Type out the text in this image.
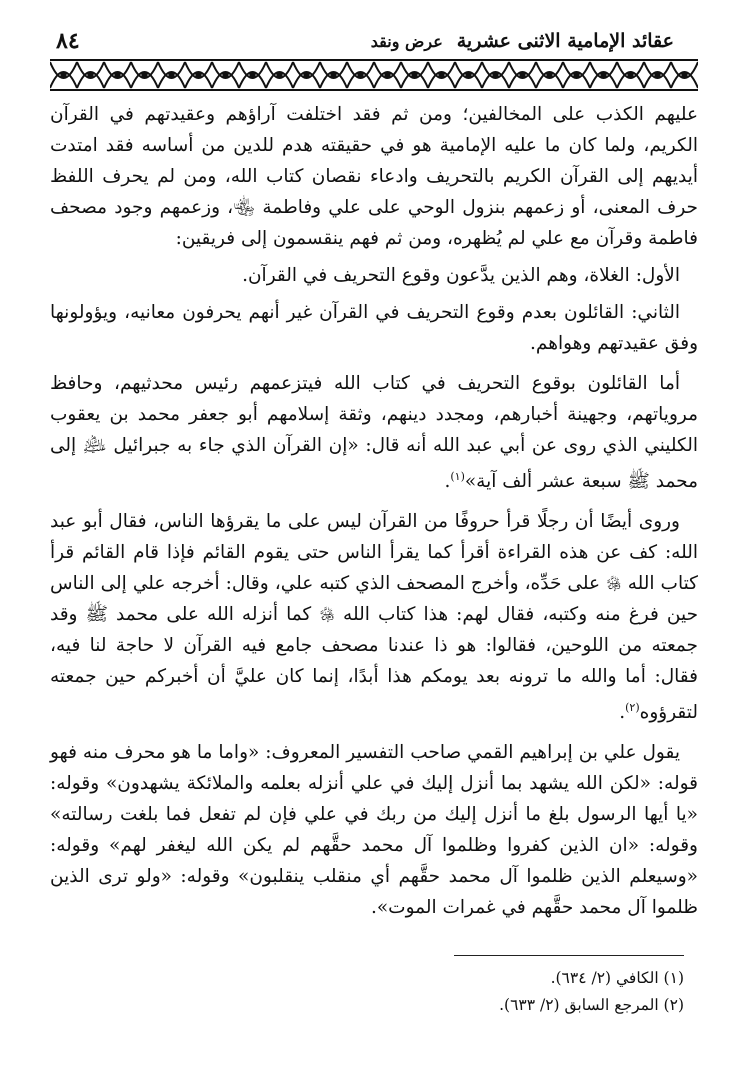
٨٤	عقائد الإمامية الاثنى عشرية
عرض ونقد

عليهم الكذب على المخالفين؛ ومن ثم فقد اختلفت آراؤهم وعقيدتهم في القرآن الكريم، ولما كان ما عليه الإمامية هو في حقيقته هدم للدين من أساسه فقد امتدت أيديهم إلى القرآن الكريم بالتحريف وادعاء نقصان كتاب الله، ومن لم يحرف اللفظ حرف المعنى، أو زعمهم بنزول الوحي على علي وفاطمة ﵄، وزعمهم وجود مصحف فاطمة وقرآن مع علي لم يُظهره، ومن ثم فهم ينقسمون إلى فريقين:

الأول: الغلاة، وهم الذين يدَّعون وقوع التحريف في القرآن.

الثاني: القائلون بعدم وقوع التحريف في القرآن غير أنهم يحرفون معانيه، ويؤولونها وفق عقيدتهم وهواهم.

أما القائلون بوقوع التحريف في كتاب الله فيتزعمهم رئيس محدثيهم، وحافظ مروياتهم، وجهينة أخبارهم، ومجدد دينهم، وثقة إسلامهم أبو جعفر محمد بن يعقوب الكليني الذي روى عن أبي عبد الله أنه قال: «إن القرآن الذي جاء به جبرائيل ﵇ إلى محمد ﷺ سبعة عشر ألف آية»$^{(١)}$.

وروى أيضًا أن رجلًا قرأ حروفًا من القرآن ليس على ما يقرؤها الناس، فقال أبو عبد الله: كف عن هذه القراءة أقرأ كما يقرأ الناس حتى يقوم القائم فإذا قام القائم قرأ كتاب الله ﷿ على حَدِّه، وأخرج المصحف الذي كتبه علي، وقال: أخرجه علي إلى الناس حين فرغ منه وكتبه، فقال لهم: هذا كتاب الله ﷿ كما أنزله الله على محمد ﷺ وقد جمعته من اللوحين، فقالوا: هو ذا عندنا مصحف جامع فيه القرآن لا حاجة لنا فيه، فقال: أما والله ما ترونه بعد يومكم هذا أبدًا، إنما كان عليَّ أن أخبركم حين جمعته لتقرؤوه$^{(٢)}$.

يقول علي بن إبراهيم القمي صاحب التفسير المعروف: «واما ما هو محرف منه فهو قوله: «لكن الله يشهد بما أنزل إليك في علي أنزله بعلمه والملائكة يشهدون» وقوله: «يا أيها الرسول بلغ ما أنزل إليك من ربك في علي فإن لم تفعل فما بلغت رسالته» وقوله: «ان الذين كفروا وظلموا آل محمد حقَّهم لم يكن الله ليغفر لهم» وقوله: «وسيعلم الذين ظلموا آل محمد حقَّهم أي منقلب ينقلبون» وقوله: «ولو ترى الذين ظلموا آل محمد حقَّهم في غمرات الموت».

(١) الكافي (٢/ ٦٣٤).

(٢) المرجع السابق (٢/ ٦٣٣).
